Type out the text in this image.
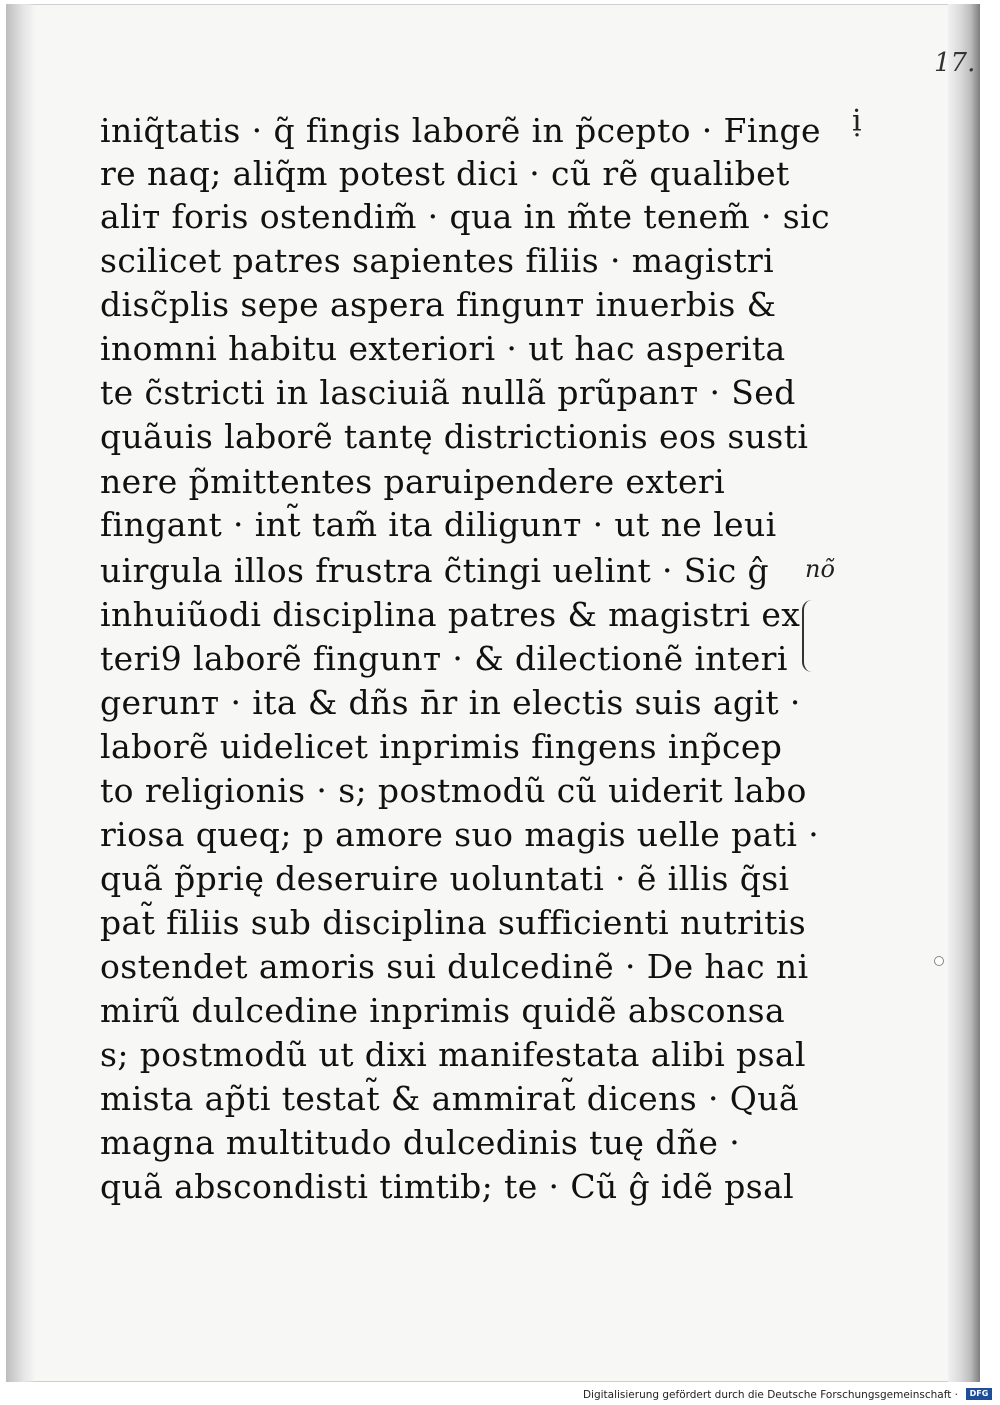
17.
iniq̃tatis · q̃ fingis laborẽ in p̃cepto · Finge
re naq; aliq̃m potest dici · cũ rẽ qualibet
aliт foris ostendim̃ · qua in m̃te tenem̃ · sic
scilicet patres sapientes filiis · magistri
disc̃plis sepe aspera fingunт inuerbis &
inomni habitu exteriori · ut hac asperita
te c̃stricti in lasciuiã nullã prũpanт · Sed
quãuis laborẽ tantę districtionis eos susti
nere p̃mittentes paruipendere exteri
fingant · int̃ tam̃ ita diligunт · ut ne leui
uirgula illos frustra c̃tingi uelint · Sic ĝ
inhuiũodi disciplina patres & magistri ex
teri9 laborẽ fingunт · & dilectionẽ interi
gerunт · ita & dñs n̄r in electis suis agit ·
laborẽ uidelicet inprimis fingens inp̃cep
to religionis · s; postmodũ cũ uiderit labo
riosa queq; p amore suo magis uelle pati ·
quã p̃prię deseruire uoluntati · ẽ illis q̃si
pat̃ filiis sub disciplina sufficienti nutritis
ostendet amoris sui dulcedinẽ · De hac ni
mirũ dulcedine inprimis quidẽ absconsa
s; postmodũ ut dixi manifestata alibi psal
mista ap̃ti testat̃ & ammirat̃ dicens · Quã
magna multitudo dulcedinis tuę dñe ·
quã abscondisti timtib; te · Cũ ĝ idẽ psal
ị
nõ
Digitalisierung gefördert durch die Deutsche Forschungsgemeinschaft ·	DFG
